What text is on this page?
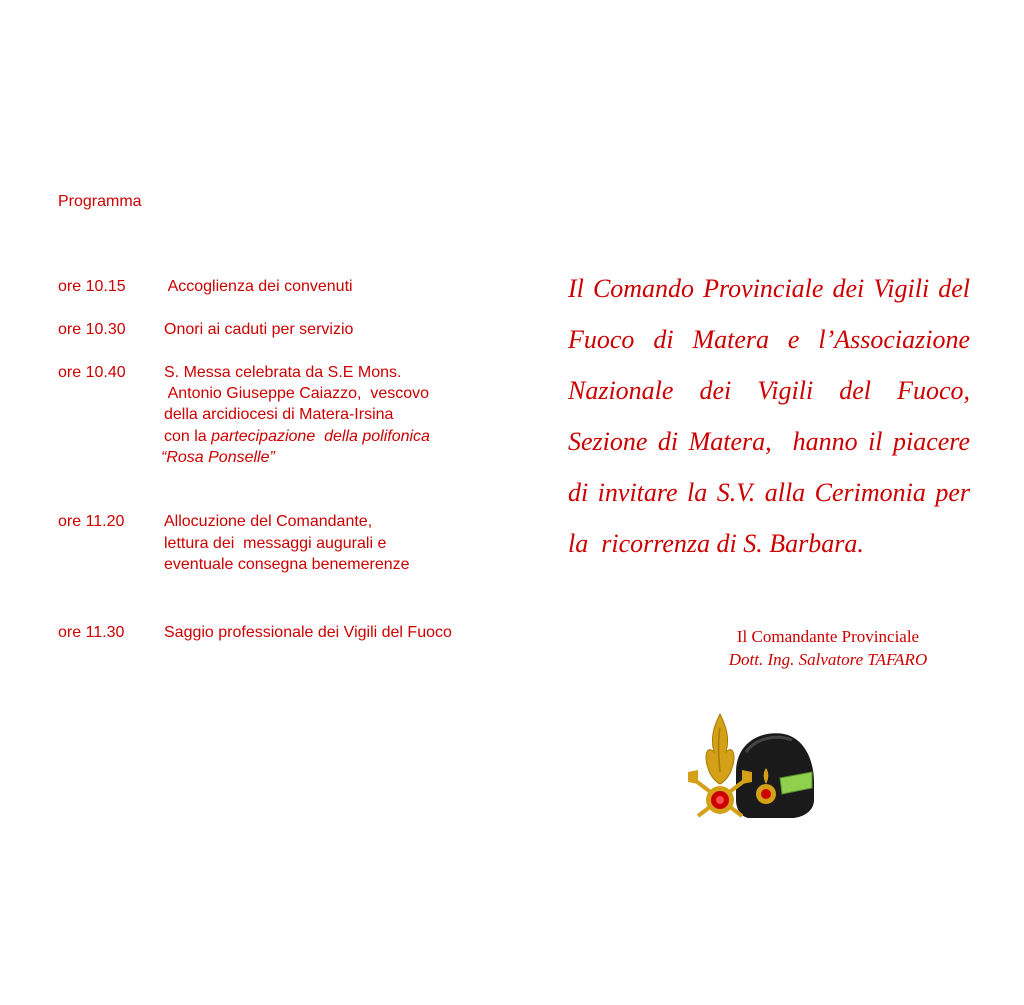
Programma
ore 10.15 Accoglienza dei convenuti
ore 10.30 Onori ai caduti per servizio
ore 10.40 S. Messa celebrata da S.E Mons.
Antonio Giuseppe Caiazzo,  vescovo
della arcidiocesi di Matera-Irsina
con la partecipazione  della polifonica
“Rosa Ponselle”
ore 11.20 Allocuzione del Comandante,
lettura dei  messaggi augurali e
eventuale consegna benemerenze
ore 11.30 Saggio professionale dei Vigili del Fuoco
Il Comando Provinciale dei Vigili del
Fuoco di Matera e l’Associazione
Nazionale dei Vigili del Fuoco,
Sezione di Matera,  hanno il piacere
di invitare la S.V. alla Cerimonia per
la  ricorrenza di S. Barbara.
Il Comandante Provinciale
Dott. Ing. Salvatore TAFARO
